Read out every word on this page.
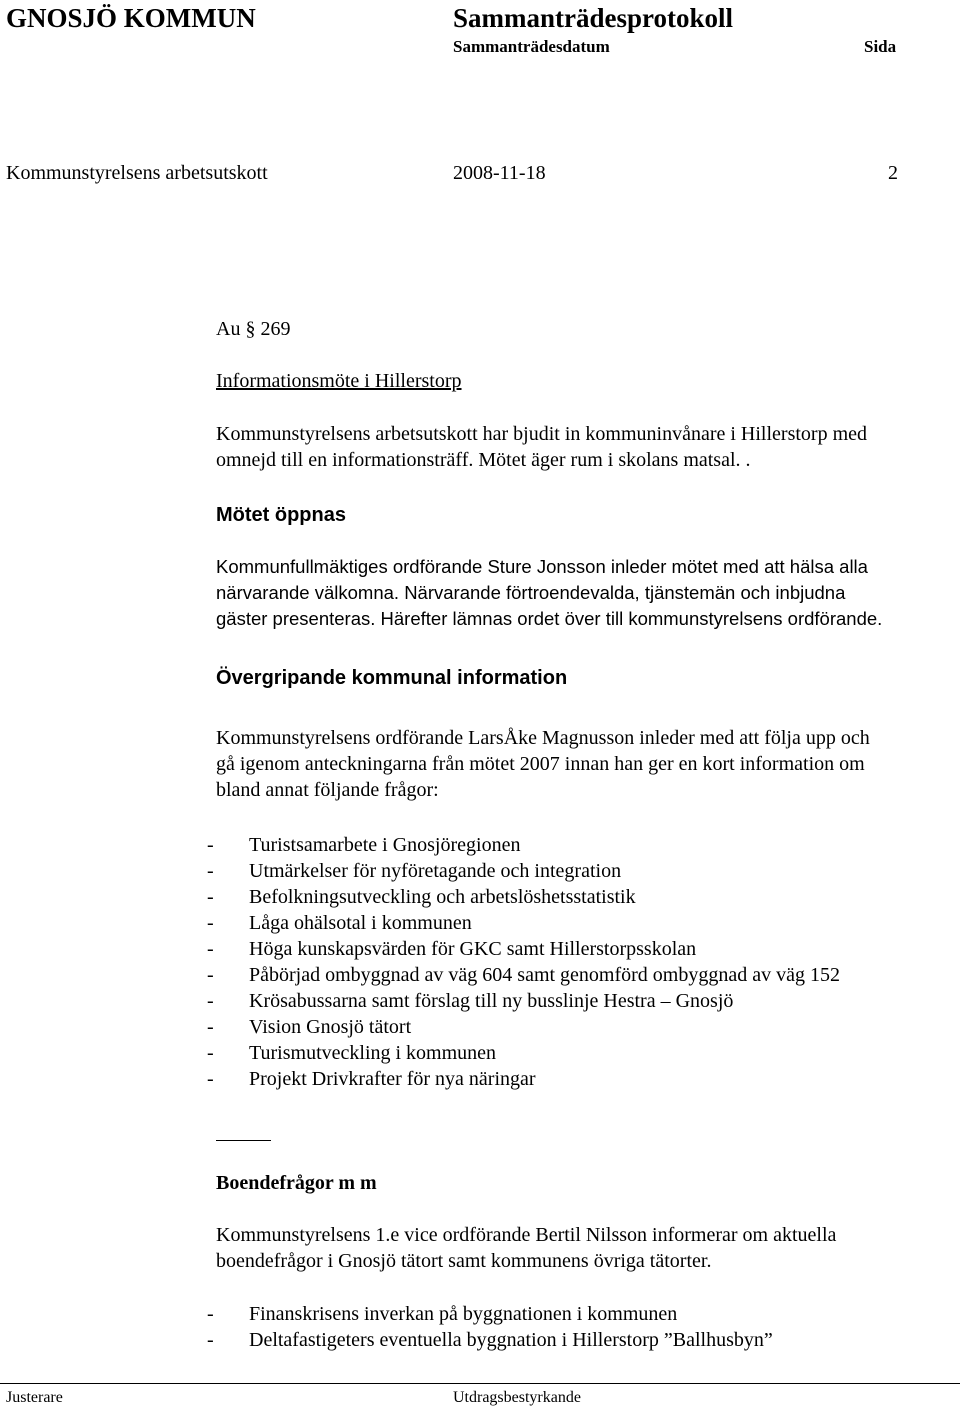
GNOSJÖ KOMMUN	Sammanträdesprotokoll
Sammanträdesdatum	Sida
Kommunstyrelsens arbetsutskott	2008-11-18	2
Au § 269
Informationsmöte i Hillerstorp
Kommunstyrelsens arbetsutskott har bjudit in kommuninvånare i Hillerstorp med
omnejd till en informationsträff. Mötet äger rum i skolans matsal. .
Mötet öppnas
Kommunfullmäktiges ordförande Sture Jonsson inleder mötet med att hälsa alla
närvarande välkomna. Närvarande förtroendevalda, tjänstemän och inbjudna
gäster presenteras. Härefter lämnas ordet över till kommunstyrelsens ordförande.
Övergripande kommunal information
Kommunstyrelsens ordförande LarsÅke Magnusson inleder med att följa upp och
gå igenom anteckningarna från mötet 2007 innan han ger en kort information om
bland annat följande frågor:
- Turistsamarbete i Gnosjöregionen
- Utmärkelser för nyföretagande och integration
- Befolkningsutveckling och arbetslöshetsstatistik
- Låga ohälsotal i kommunen
- Höga kunskapsvärden för GKC samt Hillerstorpsskolan
- Påbörjad ombyggnad av väg 604 samt genomförd ombyggnad av väg 152
- Krösabussarna samt förslag till ny busslinje Hestra – Gnosjö
- Vision Gnosjö tätort
- Turismutveckling i kommunen
- Projekt Drivkrafter för nya näringar
Boendefrågor m m
Kommunstyrelsens 1.e vice ordförande Bertil Nilsson informerar om aktuella
boendefrågor i Gnosjö tätort samt kommunens övriga tätorter.
- Finanskrisens inverkan på byggnationen i kommunen
- Deltafastigeters eventuella byggnation i Hillerstorp ”Ballhusbyn”
Justerare	Utdragsbestyrkande
